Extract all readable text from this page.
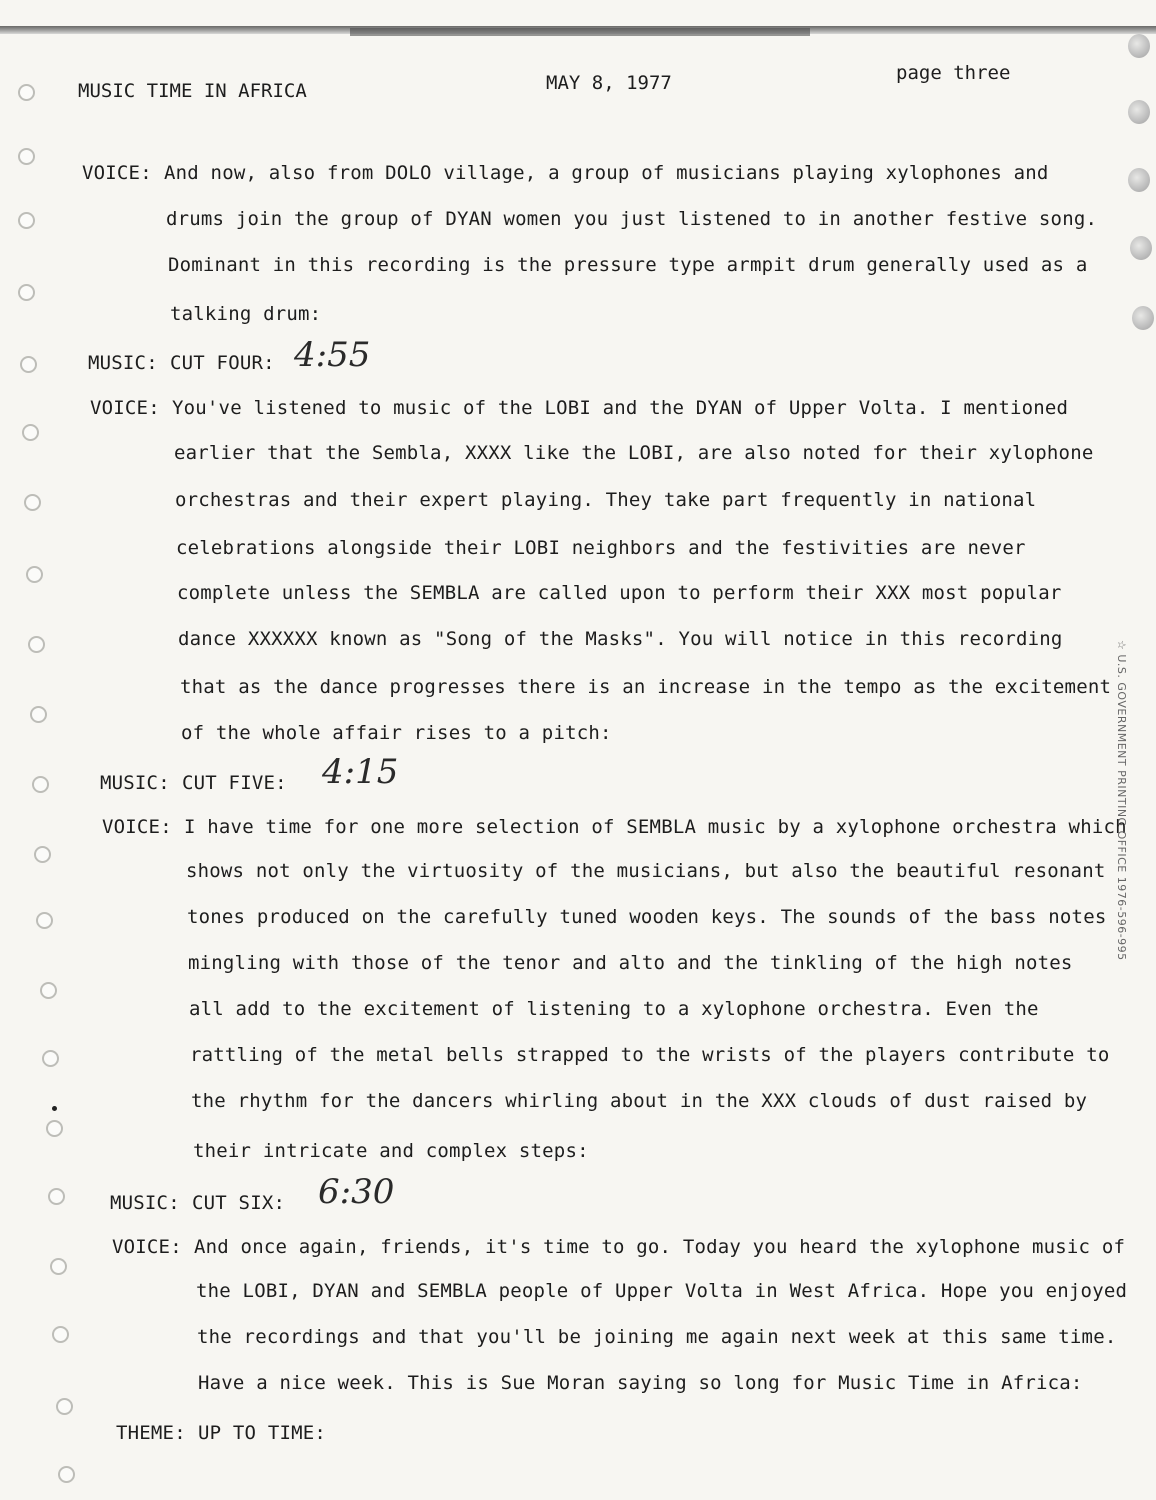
MUSIC TIME IN AFRICA	MAY 8, 1977	page three
VOICE: And now, also from DOLO village, a group of musicians playing xylophones and
drums join the group of DYAN women you just listened to in another festive song.
Dominant in this recording is the pressure type armpit drum generally used as a
talking drum:
MUSIC: CUT FOUR: 4:55
VOICE: You've listened to music of the LOBI and the DYAN of Upper Volta. I mentioned
earlier that the Sembla, XXXX like the LOBI, are also noted for their xylophone
orchestras and their expert playing. They take part frequently in national
celebrations alongside their LOBI neighbors and the festivities are never
complete unless the SEMBLA are called upon to perform their XXX most popular
dance XXXXXX known as "Song of the Masks". You will notice in this recording
that as the dance progresses there is an increase in the tempo as the excitement
of the whole affair rises to a pitch:
MUSIC: CUT FIVE: 4:15
VOICE: I have time for one more selection of SEMBLA music by a xylophone orchestra which
shows not only the virtuosity of the musicians, but also the beautiful resonant
tones produced on the carefully tuned wooden keys. The sounds of the bass notes
mingling with those of the tenor and alto and the tinkling of the high notes
all add to the excitement of listening to a xylophone orchestra. Even the
rattling of the metal bells strapped to the wrists of the players contribute to
the rhythm for the dancers whirling about in the XXX clouds of dust raised by
their intricate and complex steps:
MUSIC: CUT SIX: 6:30
VOICE: And once again, friends, it's time to go. Today you heard the xylophone music of
the LOBI, DYAN and SEMBLA people of Upper Volta in West Africa. Hope you enjoyed
the recordings and that you'll be joining me again next week at this same time.
Have a nice week. This is Sue Moran saying so long for Music Time in Africa:
THEME: UP TO TIME:
☆ U.S. GOVERNMENT PRINTING OFFICE 1976-596-995
